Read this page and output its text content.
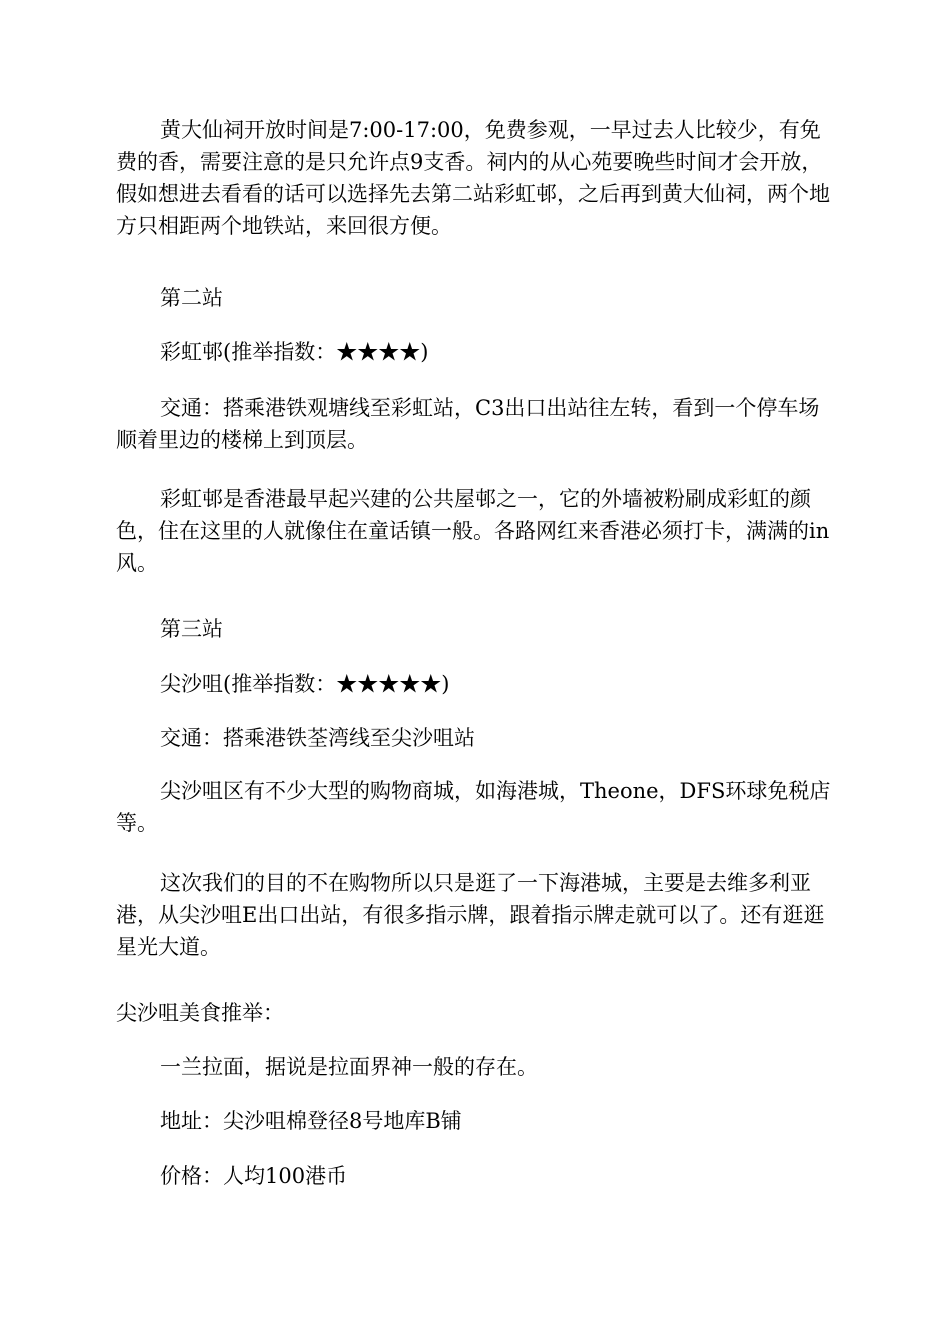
黄大仙祠开放时间是7:00-17:00，免费参观，一早过去人比较少，有免费的香，需要注意的是只允许点9支香。祠内的从心苑要晚些时间才会开放，假如想进去看看的话可以选择先去第二站彩虹邨，之后再到黄大仙祠，两个地方只相距两个地铁站，来回很方便。

第二站

彩虹邨(推举指数：★★★★)

交通：搭乘港铁观塘线至彩虹站，C3出口出站往左转，看到一个停车场顺着里边的楼梯上到顶层。

彩虹邨是香港最早起兴建的公共屋邨之一，它的外墙被粉刷成彩虹的颜色，住在这里的人就像住在童话镇一般。各路网红来香港必须打卡，满满的in风。

第三站

尖沙咀(推举指数：★★★★★)

交通：搭乘港铁荃湾线至尖沙咀站

尖沙咀区有不少大型的购物商城，如海港城，Theone，DFS环球免税店等。

这次我们的目的不在购物所以只是逛了一下海港城，主要是去维多利亚港，从尖沙咀E出口出站，有很多指示牌，跟着指示牌走就可以了。还有逛逛星光大道。

尖沙咀美食推举：

一兰拉面，据说是拉面界神一般的存在。

地址：尖沙咀棉登径8号地库B铺

价格：人均100港币
